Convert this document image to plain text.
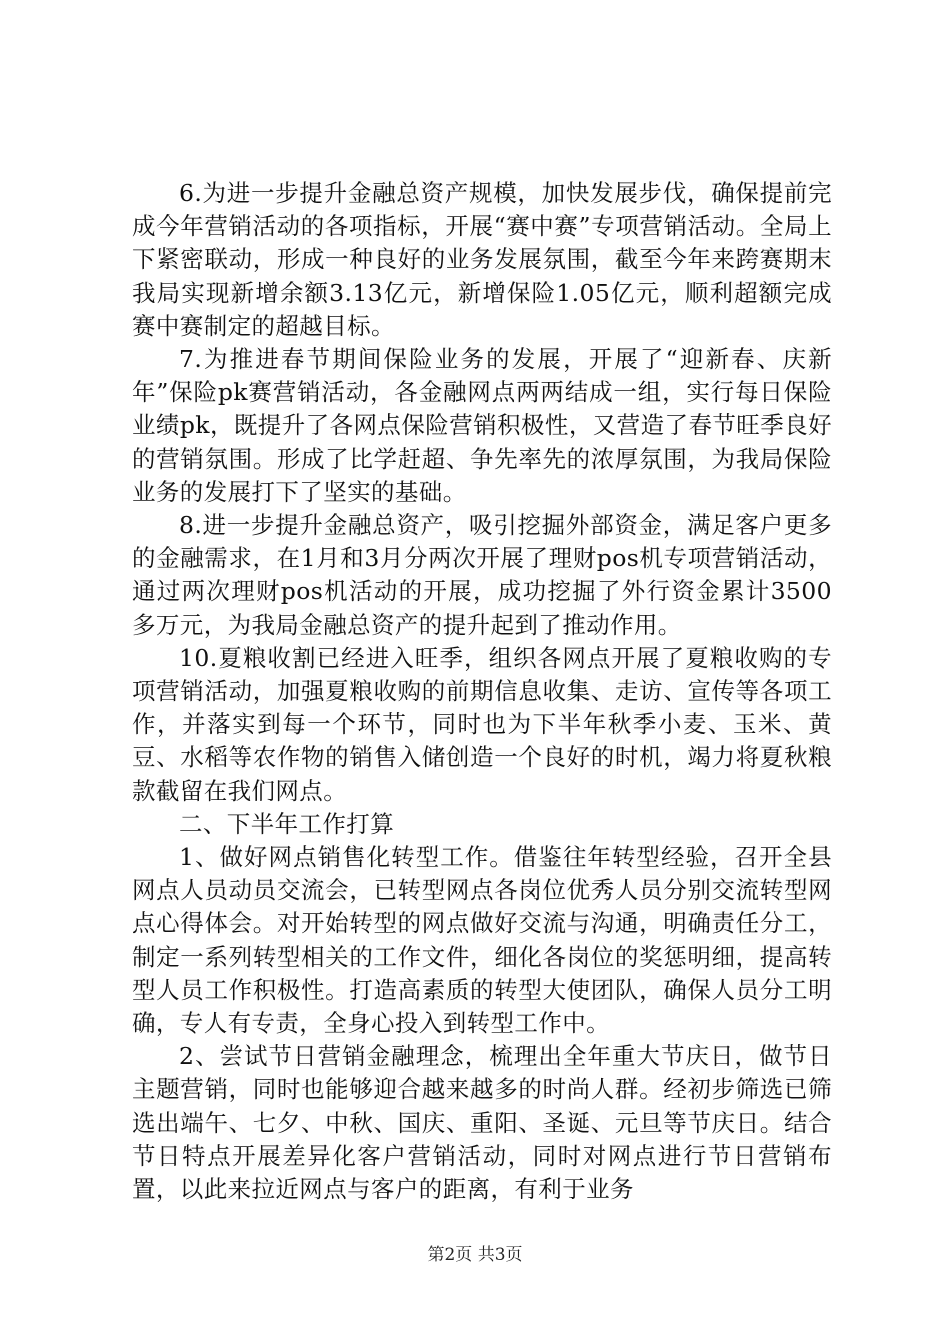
6.为进一步提升金融总资产规模，加快发展步伐，确保提前完成今年营销活动的各项指标，开展“赛中赛”专项营销活动。全局上下紧密联动，形成一种良好的业务发展氛围，截至今年来跨赛期末我局实现新增余额3.13亿元，新增保险1.05亿元，顺利超额完成赛中赛制定的超越目标。

7.为推进春节期间保险业务的发展，开展了“迎新春、庆新年”保险pk赛营销活动，各金融网点两两结成一组，实行每日保险业绩pk，既提升了各网点保险营销积极性，又营造了春节旺季良好的营销氛围。形成了比学赶超、争先率先的浓厚氛围，为我局保险业务的发展打下了坚实的基础。

8.进一步提升金融总资产，吸引挖掘外部资金，满足客户更多的金融需求，在1月和3月分两次开展了理财pos机专项营销活动，通过两次理财pos机活动的开展，成功挖掘了外行资金累计3500多万元，为我局金融总资产的提升起到了推动作用。

10.夏粮收割已经进入旺季，组织各网点开展了夏粮收购的专项营销活动，加强夏粮收购的前期信息收集、走访、宣传等各项工作，并落实到每一个环节，同时也为下半年秋季小麦、玉米、黄豆、水稻等农作物的销售入储创造一个良好的时机，竭力将夏秋粮款截留在我们网点。

二、下半年工作打算

1、做好网点销售化转型工作。借鉴往年转型经验，召开全县网点人员动员交流会，已转型网点各岗位优秀人员分别交流转型网点心得体会。对开始转型的网点做好交流与沟通，明确责任分工，制定一系列转型相关的工作文件，细化各岗位的奖惩明细，提高转型人员工作积极性。打造高素质的转型大使团队，确保人员分工明确，专人有专责，全身心投入到转型工作中。

2、尝试节日营销金融理念，梳理出全年重大节庆日，做节日主题营销，同时也能够迎合越来越多的时尚人群。经初步筛选已筛选出端午、七夕、中秋、国庆、重阳、圣诞、元旦等节庆日。结合节日特点开展差异化客户营销活动，同时对网点进行节日营销布置，以此来拉近网点与客户的距离，有利于业务

第2页 共3页
